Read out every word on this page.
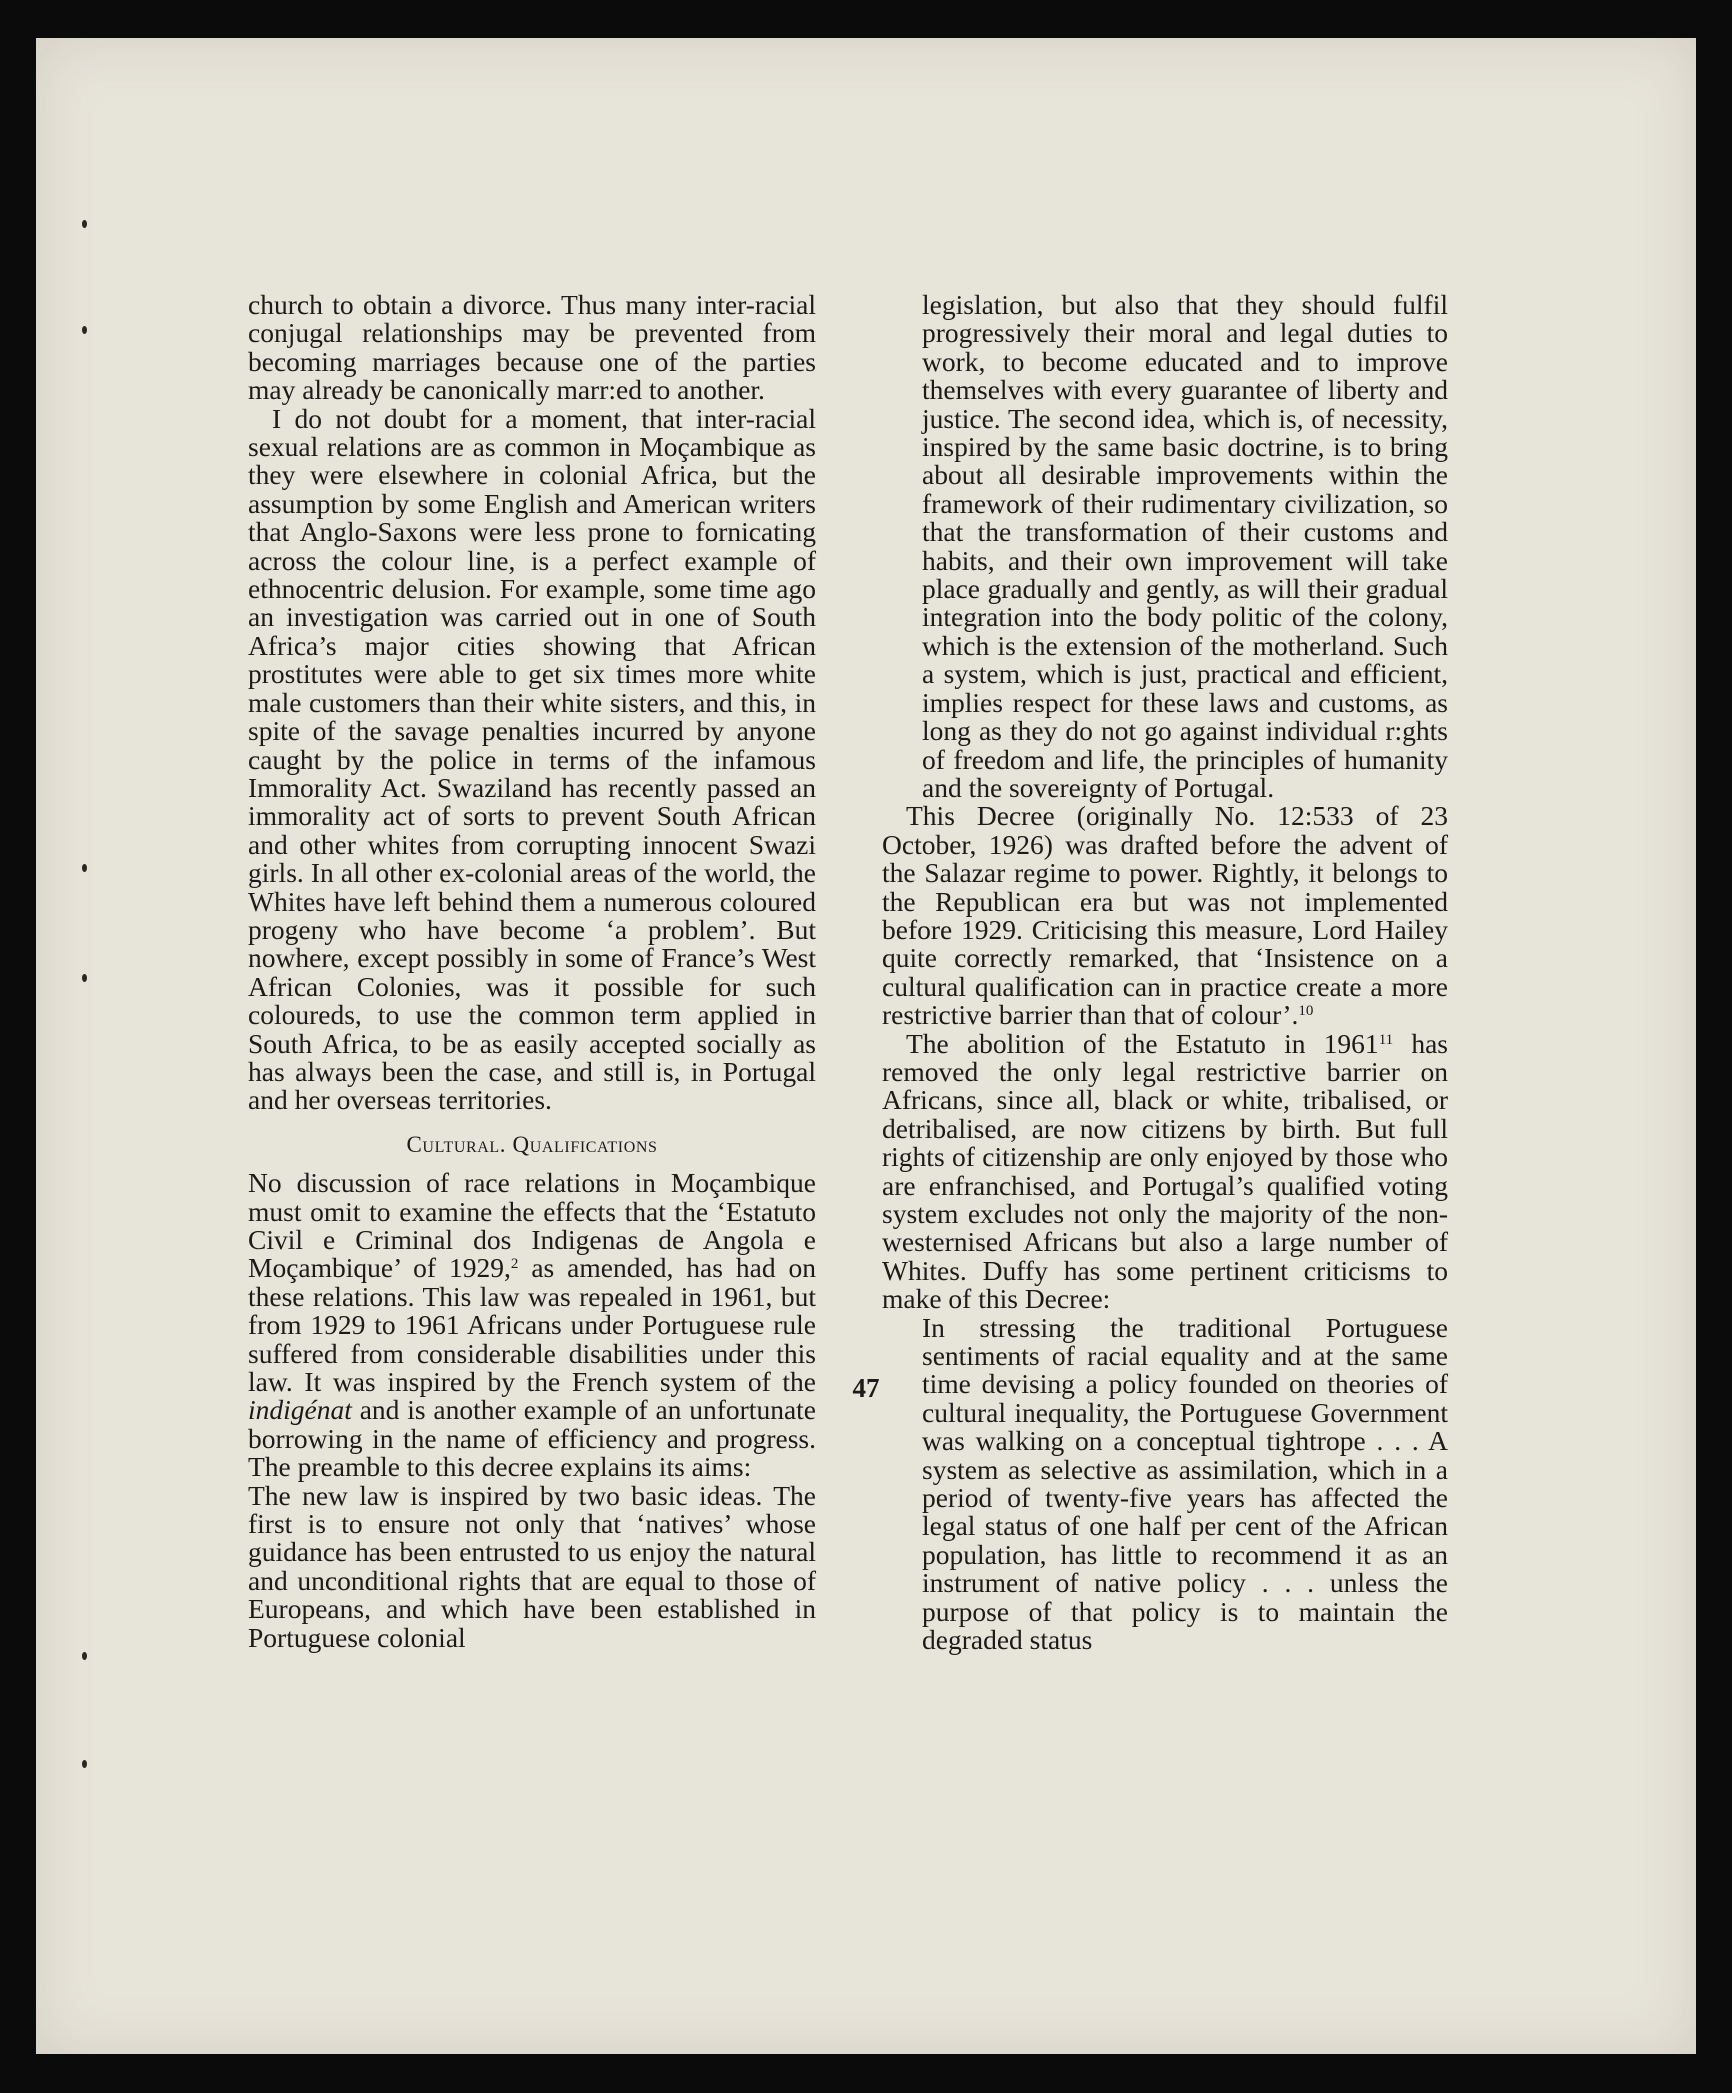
church to obtain a divorce. Thus many inter-racial conjugal relationships may be prevented from becoming marriages because one of the parties may already be canonically marr:ed to another.

I do not doubt for a moment, that inter-racial sexual relations are as common in Moçambique as they were elsewhere in colonial Africa, but the assumption by some English and American writers that Anglo-Saxons were less prone to fornicating across the colour line, is a perfect example of ethnocentric delusion. For example, some time ago an investigation was carried out in one of South Africa’s major cities showing that African prostitutes were able to get six times more white male customers than their white sisters, and this, in spite of the savage penalties incurred by anyone caught by the police in terms of the infamous Immorality Act. Swaziland has recently passed an immorality act of sorts to prevent South African and other whites from corrupting innocent Swazi girls. In all other ex-colonial areas of the world, the Whites have left behind them a numerous coloured progeny who have become ‘a problem’. But nowhere, except possibly in some of France’s West African Colonies, was it possible for such coloureds, to use the common term applied in South Africa, to be as easily accepted socially as has always been the case, and still is, in Portugal and her overseas territories.

Cultural. Qualifications

No discussion of race relations in Moçambique must omit to examine the effects that the ‘Estatuto Civil e Criminal dos Indigenas de Angola e Moçambique’ of 1929,$^2$ as amended, has had on these relations. This law was repealed in 1961, but from 1929 to 1961 Africans under Portuguese rule suffered from considerable disabilities under this law. It was inspired by the French system of the indigénat and is another example of an unfortunate borrowing in the name of efficiency and progress. The preamble to this decree explains its aims:

The new law is inspired by two basic ideas. The first is to ensure not only that ‘natives’ whose guidance has been entrusted to us enjoy the natural and unconditional rights that are equal to those of Europeans, and which have been established in Portuguese colonial

legislation, but also that they should fulfil progressively their moral and legal duties to work, to become educated and to improve themselves with every guarantee of liberty and justice. The second idea, which is, of necessity, inspired by the same basic doctrine, is to bring about all desirable improvements within the framework of their rudimentary civilization, so that the transformation of their customs and habits, and their own improvement will take place gradually and gently, as will their gradual integration into the body politic of the colony, which is the extension of the motherland. Such a system, which is just, practical and efficient, implies respect for these laws and customs, as long as they do not go against individual r:ghts of freedom and life, the principles of humanity and the sovereignty of Portugal.

This Decree (originally No. 12:533 of 23 October, 1926) was drafted before the advent of the Salazar regime to power. Rightly, it belongs to the Republican era but was not implemented before 1929. Criticising this measure, Lord Hailey quite correctly remarked, that ‘Insistence on a cultural qualification can in practice create a more restrictive barrier than that of colour’.$^{10}$

The abolition of the Estatuto in 1961$^{11}$ has removed the only legal restrictive barrier on Africans, since all, black or white, tribalised, or detribalised, are now citizens by birth. But full rights of citizenship are only enjoyed by those who are enfranchised, and Portugal’s qualified voting system excludes not only the majority of the non-westernised Africans but also a large number of Whites. Duffy has some pertinent criticisms to make of this Decree:

In stressing the traditional Portuguese sentiments of racial equality and at the same time devising a policy founded on theories of cultural inequality, the Portuguese Government was walking on a conceptual tightrope . . . A system as selective as assimilation, which in a period of twenty-five years has affected the legal status of one half per cent of the African population, has little to recommend it as an instrument of native policy . . . unless the purpose of that policy is to maintain the degraded status

47
